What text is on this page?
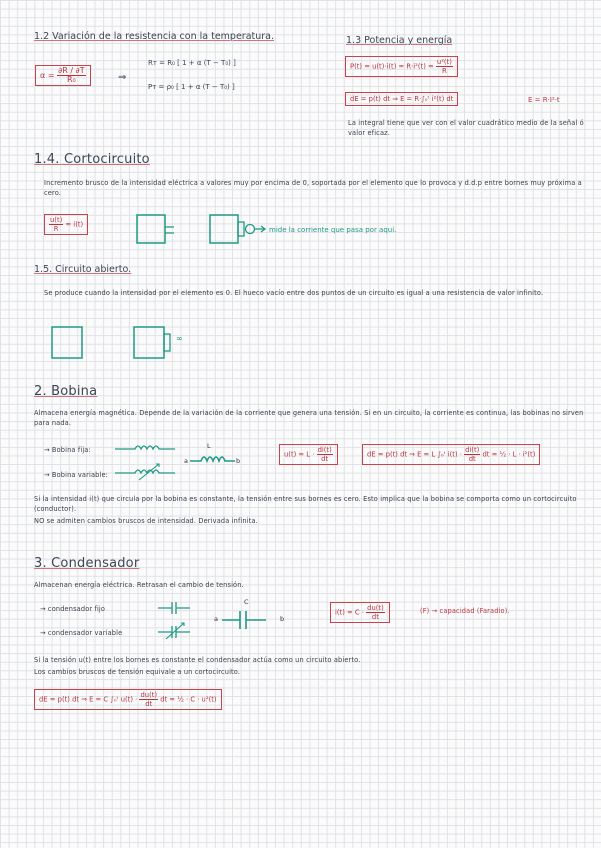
1.2 Variación de la resistencia con la temperatura.
$\alpha = \frac{\partial R / \partial T}{\text{R₀}}$	⇒
Rт = R₀ [ 1 + α (T − T₀) ]
Pт = ρ₀ [ 1 + α (T − T₀) ]
1.3 Potencia y energía
$P(t) = u(t)\cdot i(t) = R\cdot i^2(t) = \frac{\text{u²(t)}}{R}$
dE = p(t) dt ⇒ E = R·∫₀ᵗ i²(t) dt	E = R·I²·t
La integral tiene que ver con el valor cuadrático medio de la señal ó valor eficaz.
1.4. Cortocircuito
Incremento brusco de la intensidad eléctrica a valores muy por encima de 0, soportada por el elemento que lo provoca y d.d.p entre bornes muy próxima a cero.
$\frac{u(t)}{R} = i(t)$
mide la corriente que pasa por aquí.
1.5. Circuito abierto.
Se produce cuando la intensidad por el elemento es 0. El hueco vacío entre dos puntos de un circuito es igual a una resistencia de valor infinito.
∞
2. Bobina
Almacena energía magnética. Depende de la variación de la corriente que genera una tensión. Si en un circuito, la corriente es continua, las bobinas no sirven para nada.
→ Bobina fija:
→ Bobina variable:
a	b
L
$u(t) = L \cdot \frac{di(t)}{dt}$	dE = p(t) dt ⇒ E = L ∫₀ᵗ $i(t) \cdot \frac{di(t)}{dt}$ dt = ½ · L · i²(t)
Si la intensidad i(t) que circula por la bobina es constante, la tensión entre sus bornes es cero. Esto implica que la bobina se comporta como un cortocircuito (conductor).
NO se admiten cambios bruscos de intensidad. Derivada infinita.
3. Condensador
Almacenan energía eléctrica. Retrasan el cambio de tensión.
→ condensador fijo
→ condensador variable
a	b
C
$i(t) = C \cdot \frac{du(t)}{dt}$	(F) → capacidad (Faradio).
Si la tensión u(t) entre los bornes es constante el condensador actúa como un circuito abierto.
Los cambios bruscos de tensión equivale a un cortocircuito.
dE = p(t) dt ⇒ E = C ∫₀ᵗ $u(t) \cdot \frac{du(t)}{dt}$ dt = ½ · C · u²(t)
